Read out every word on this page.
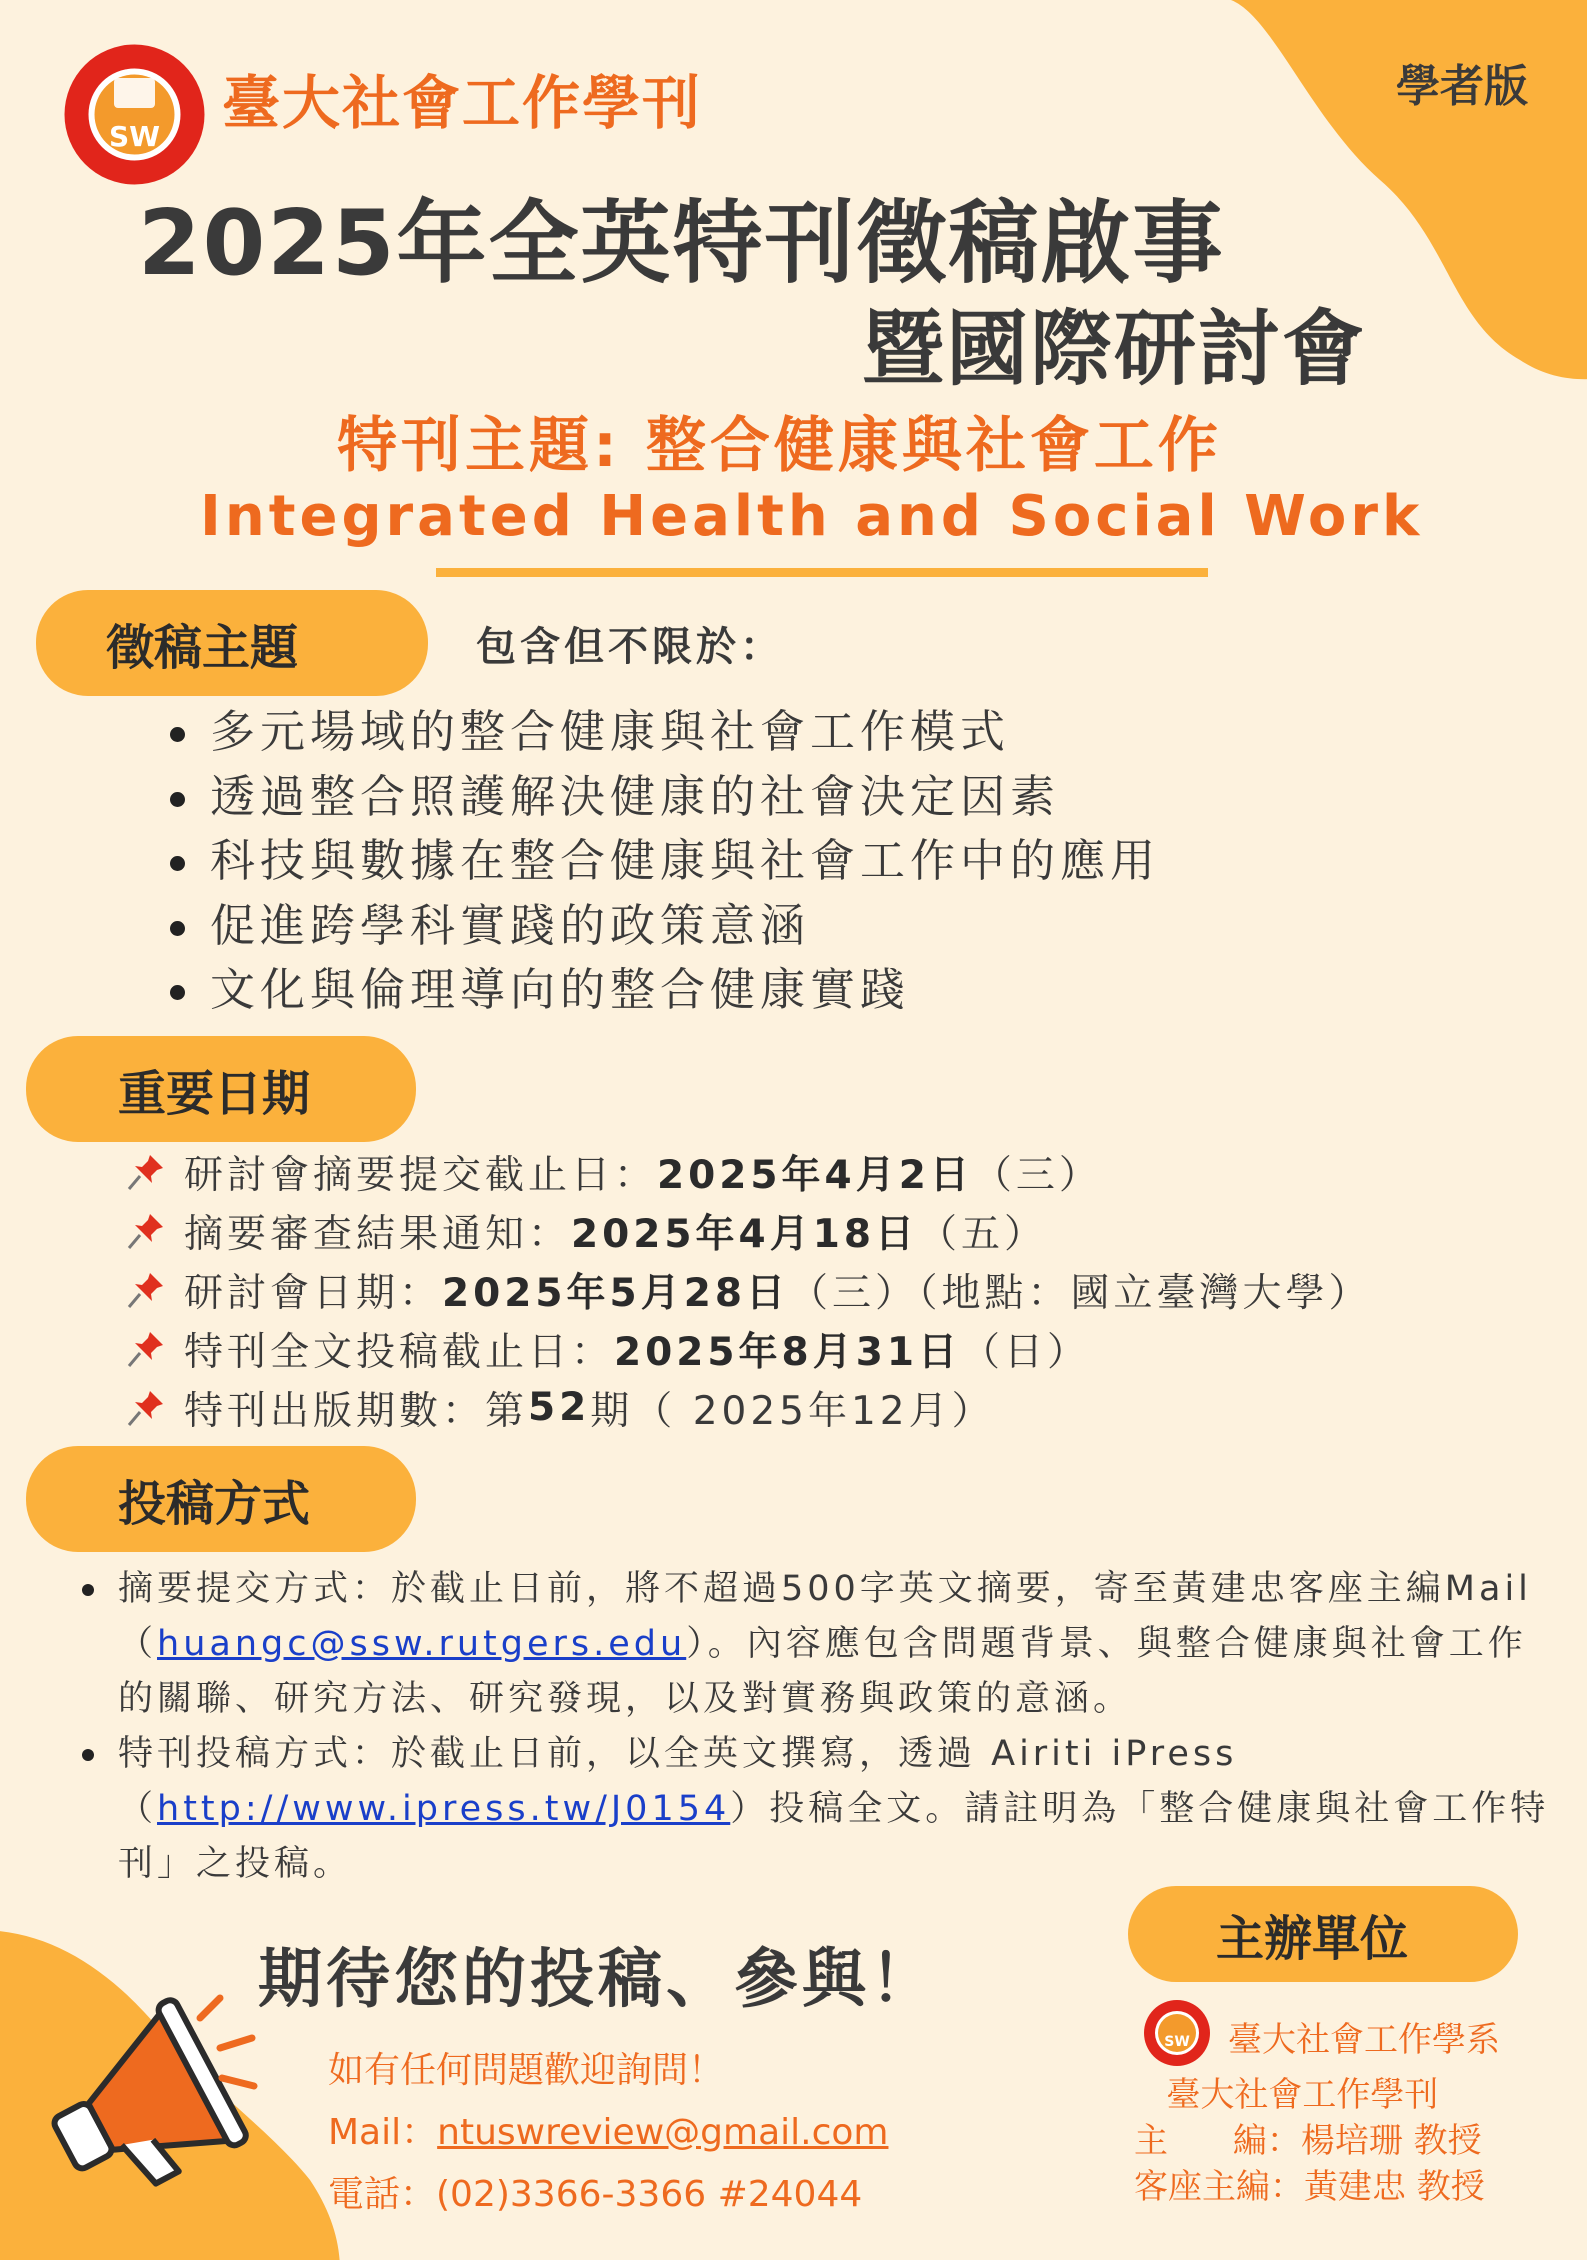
SW 臺大社會工作學刊	學者版
2025年全英特刊徵稿啟事
暨國際研討會
特刊主題: 整合健康與社會工作
Integrated Health and Social Work
徵稿主題	包含但不限於：
多元場域的整合健康與社會工作模式
透過整合照護解決健康的社會決定因素
科技與數據在整合健康與社會工作中的應用
促進跨學科實踐的政策意涵
文化與倫理導向的整合健康實踐
重要日期
研討會摘要提交截止日： 2025年4月2日 （三）
摘要審查結果通知： 2025年4月18日 （五）
研討會日期： 2025年5月28日 （三）（地點：國立臺灣大學）
特刊全文投稿截止日： 2025年8月31日 （日）
特刊出版期數：第 52 期（ 2025年12月）
投稿方式
摘要提交方式：於截止日前，將不超過500字英文摘要，寄至黃建忠客座主編Mail（huangc@ssw.rutgers.edu）。內容應包含問題背景、與整合健康與社會工作的關聯、研究方法、研究發現，以及對實務與政策的意涵。
特刊投稿方式：於截止日前，以全英文撰寫，透過 Airiti iPress（http://www.ipress.tw/J0154）投稿全文。請註明為「整合健康與社會工作特刊」之投稿。
期待您的投稿、參與！
如有任何問題歡迎詢問！
Mail：ntuswreview@gmail.com
電話：(02)3366-3366 #24044
主辦單位
SW 臺大社會工作學系
臺大社會工作學刊
主      編：楊培珊 教授
客座主編：黃建忠 教授
